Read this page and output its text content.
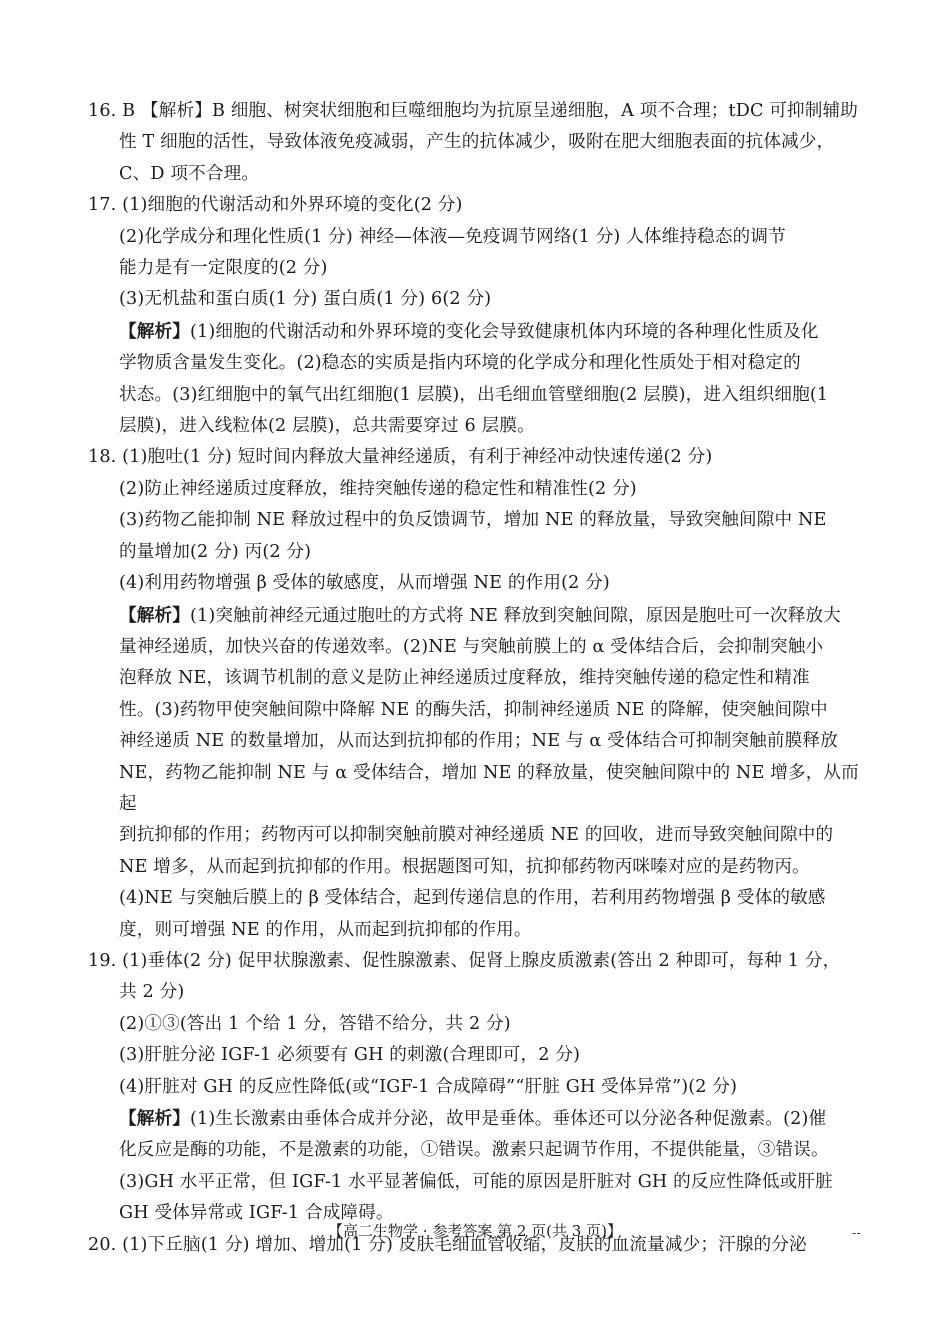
16. B 【解析】B 细胞、树突状细胞和巨噬细胞均为抗原呈递细胞，A 项不合理；tDC 可抑制辅助

性 T 细胞的活性，导致体液免疫减弱，产生的抗体减少，吸附在肥大细胞表面的抗体减少，

C、D 项不合理。

17. (1)细胞的代谢活动和外界环境的变化(2 分)

(2)化学成分和理化性质(1 分) 神经—体液—免疫调节网络(1 分) 人体维持稳态的调节

能力是有一定限度的(2 分)

(3)无机盐和蛋白质(1 分) 蛋白质(1 分) 6(2 分)

【解析】(1)细胞的代谢活动和外界环境的变化会导致健康机体内环境的各种理化性质及化

学物质含量发生变化。(2)稳态的实质是指内环境的化学成分和理化性质处于相对稳定的

状态。(3)红细胞中的氧气出红细胞(1 层膜)，出毛细血管壁细胞(2 层膜)，进入组织细胞(1

层膜)，进入线粒体(2 层膜)，总共需要穿过 6 层膜。

18. (1)胞吐(1 分) 短时间内释放大量神经递质，有利于神经冲动快速传递(2 分)

(2)防止神经递质过度释放，维持突触传递的稳定性和精准性(2 分)

(3)药物乙能抑制 NE 释放过程中的负反馈调节，增加 NE 的释放量，导致突触间隙中 NE

的量增加(2 分) 丙(2 分)

(4)利用药物增强 β 受体的敏感度，从而增强 NE 的作用(2 分)

【解析】(1)突触前神经元通过胞吐的方式将 NE 释放到突触间隙，原因是胞吐可一次释放大

量神经递质，加快兴奋的传递效率。(2)NE 与突触前膜上的 α 受体结合后，会抑制突触小

泡释放 NE，该调节机制的意义是防止神经递质过度释放，维持突触传递的稳定性和精准

性。(3)药物甲使突触间隙中降解 NE 的酶失活，抑制神经递质 NE 的降解，使突触间隙中

神经递质 NE 的数量增加，从而达到抗抑郁的作用；NE 与 α 受体结合可抑制突触前膜释放

NE，药物乙能抑制 NE 与 α 受体结合，增加 NE 的释放量，使突触间隙中的 NE 增多，从而起

到抗抑郁的作用；药物丙可以抑制突触前膜对神经递质 NE 的回收，进而导致突触间隙中的

NE 增多，从而起到抗抑郁的作用。根据题图可知，抗抑郁药物丙咪嗪对应的是药物丙。

(4)NE 与突触后膜上的 β 受体结合，起到传递信息的作用，若利用药物增强 β 受体的敏感

度，则可增强 NE 的作用，从而起到抗抑郁的作用。

19. (1)垂体(2 分) 促甲状腺激素、促性腺激素、促肾上腺皮质激素(答出 2 种即可，每种 1 分，

共 2 分)

(2)①③(答出 1 个给 1 分，答错不给分，共 2 分)

(3)肝脏分泌 IGF-1 必须要有 GH 的刺激(合理即可，2 分)

(4)肝脏对 GH 的反应性降低(或“IGF-1 合成障碍”“肝脏 GH 受体异常”)(2 分)

【解析】(1)生长激素由垂体合成并分泌，故甲是垂体。垂体还可以分泌各种促激素。(2)催

化反应是酶的功能，不是激素的功能，①错误。激素只起调节作用，不提供能量，③错误。

(3)GH 水平正常，但 IGF-1 水平显著偏低，可能的原因是肝脏对 GH 的反应性降低或肝脏

GH 受体异常或 IGF-1 合成障碍。

20. (1)下丘脑(1 分) 增加、增加(1 分) 皮肤毛细血管收缩，皮肤的血流量减少；汗腺的分泌

【高二生物学 · 参考答案 第 2 页(共 3 页)】	--
